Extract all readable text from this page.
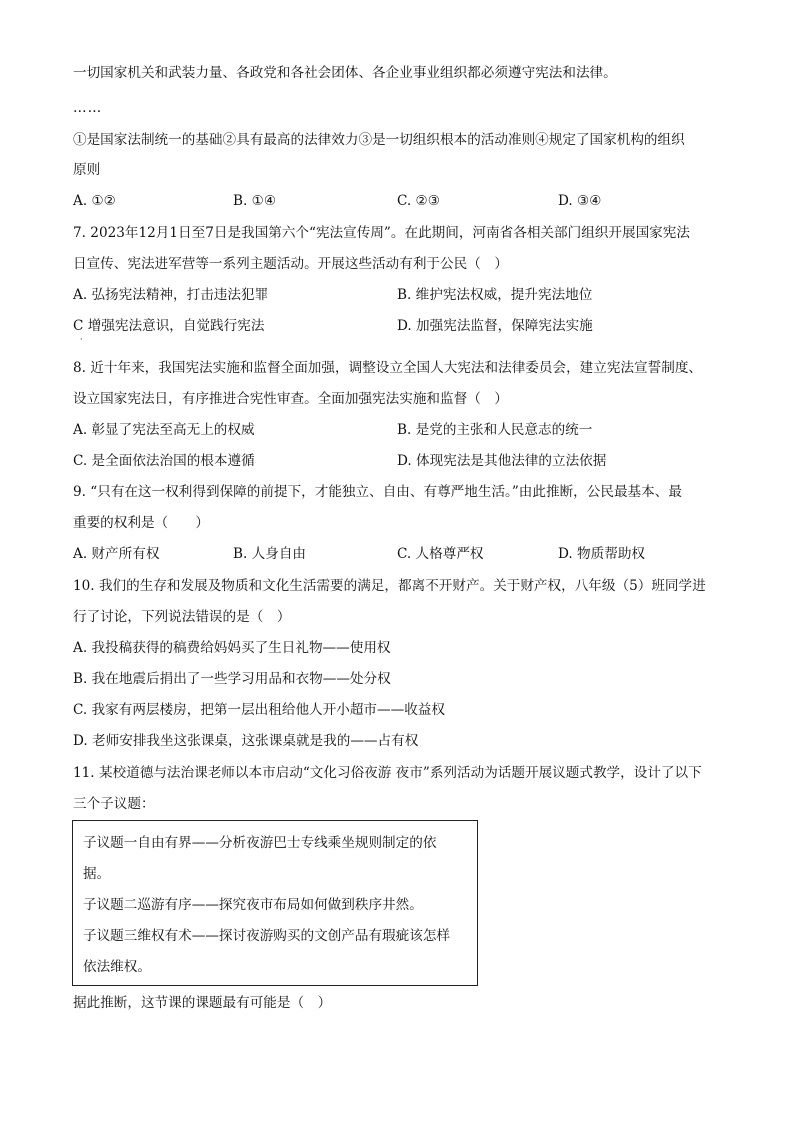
一切国家机关和武装力量、各政党和各社会团体、各企业事业组织都必须遵守宪法和法律。
……
①是国家法制统一的基础②具有最高的法律效力③是一切组织根本的活动准则④规定了国家机构的组织
原则
A. ①②	B. ①④	C. ②③	D. ③④
7. 2023年12月1日至7日是我国第六个“宪法宣传周”。在此期间，河南省各相关部门组织开展国家宪法
日宣传、宪法进军营等一系列主题活动。开展这些活动有利于公民（　）
A. 弘扬宪法精神，打击违法犯罪	B. 维护宪法权威，提升宪法地位
C 增强宪法意识，自觉践行宪法	D. 加强宪法监督，保障宪法实施
·
8. 近十年来，我国宪法实施和监督全面加强，调整设立全国人大宪法和法律委员会，建立宪法宣誓制度、
设立国家宪法日，有序推进合宪性审查。全面加强宪法实施和监督（　）
A. 彰显了宪法至高无上的权威	B. 是党的主张和人民意志的统一
C. 是全面依法治国的根本遵循	D. 体现宪法是其他法律的立法依据
9. “只有在这一权利得到保障的前提下，才能独立、自由、有尊严地生活。”由此推断，公民最基本、最
重要的权利是（　　）
A. 财产所有权	B. 人身自由	C. 人格尊严权	D. 物质帮助权
10. 我们的生存和发展及物质和文化生活需要的满足，都离不开财产。关于财产权，八年级（5）班同学进
行了讨论，下列说法错误的是（　）
A. 我投稿获得的稿费给妈妈买了生日礼物——使用权
B. 我在地震后捐出了一些学习用品和衣物——处分权
C. 我家有两层楼房，把第一层出租给他人开小超市——收益权
D. 老师安排我坐这张课桌，这张课桌就是我的——占有权
11. 某校道德与法治课老师以本市启动“文化习俗夜游 夜市”系列活动为话题开展议题式教学，设计了以下
三个子议题：
子议题一自由有界——分析夜游巴士专线乘坐规则制定的依
据。
子议题二巡游有序——探究夜市布局如何做到秩序井然。
子议题三维权有术——探讨夜游购买的文创产品有瑕疵该怎样
依法维权。
据此推断，这节课的课题最有可能是（　）
